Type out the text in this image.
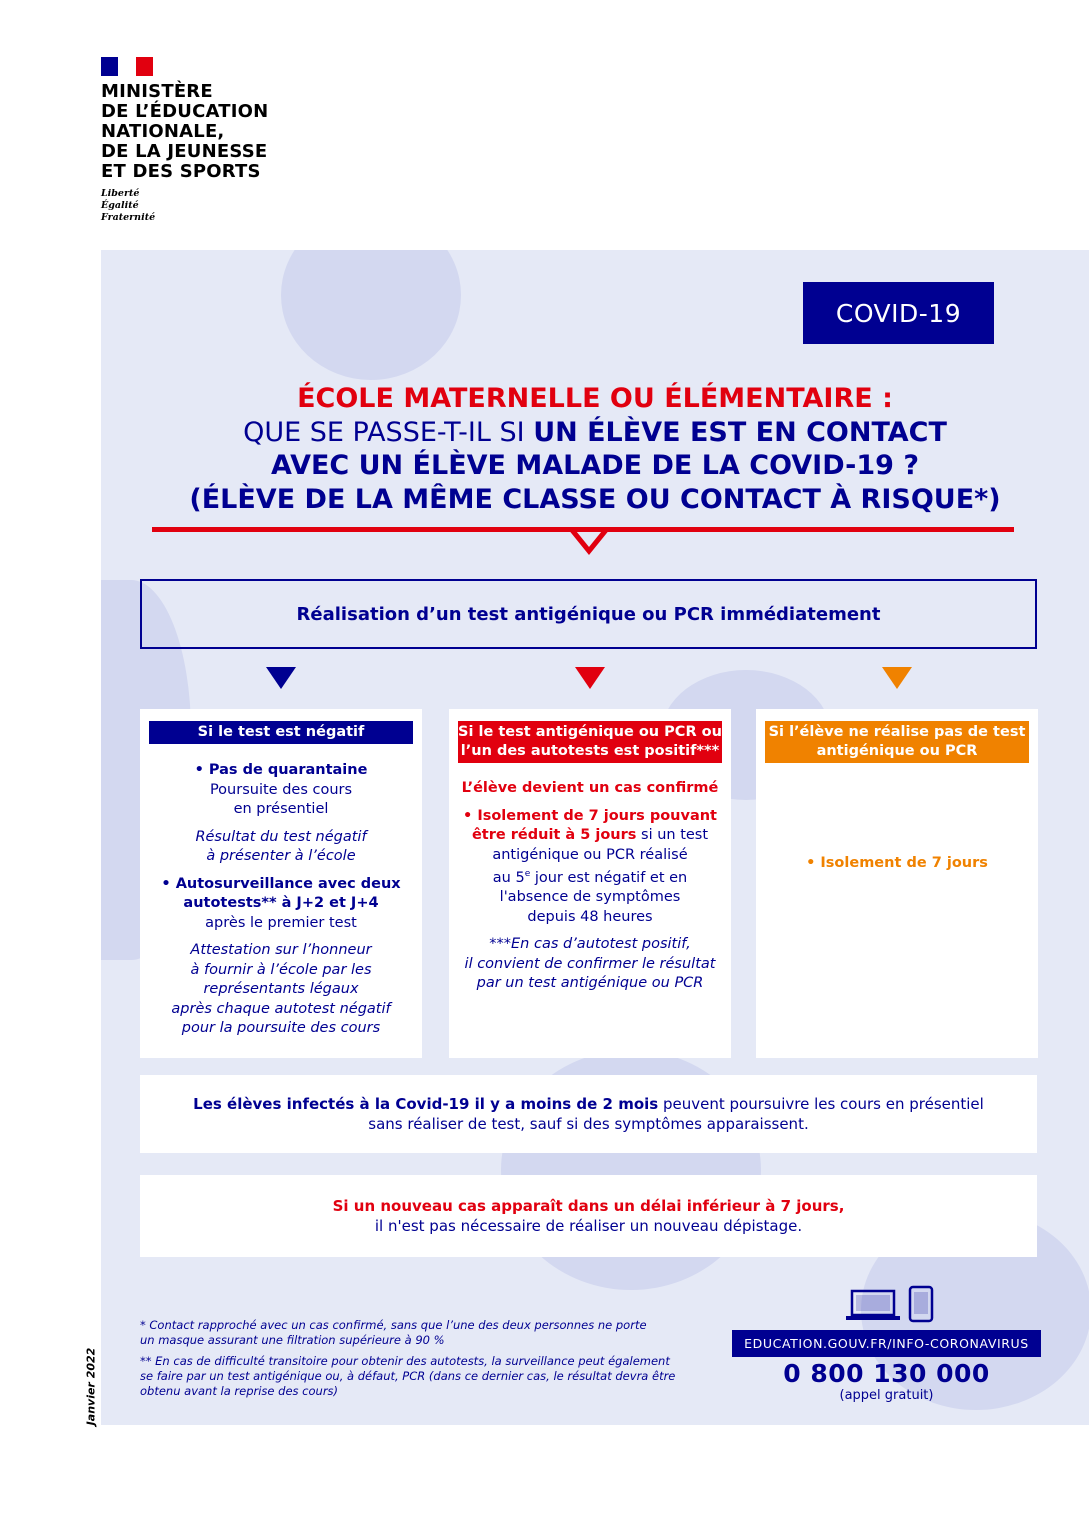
MINISTÈRE
DE L’ÉDUCATION
NATIONALE,
DE LA JEUNESSE
ET DES SPORTS
Liberté
Égalité
Fraternité
COVID-19
ÉCOLE MATERNELLE OU ÉLÉMENTAIRE :
QUE SE PASSE-T-IL SI UN ÉLÈVE EST EN CONTACT
AVEC UN ÉLÈVE MALADE DE LA COVID-19 ?
(ÉLÈVE DE LA MÊME CLASSE OU CONTACT À RISQUE*)
Réalisation d’un test antigénique ou PCR immédiatement
Si le test est négatif

• Pas de quarantaine

Poursuite des cours

en présentiel

Résultat du test négatif

à présenter à l’école

• Autosurveillance avec deux

autotests** à J+2 et J+4

après le premier test

Attestation sur l’honneur

à fournir à l’école par les

représentants légaux

après chaque autotest négatif

pour la poursuite des cours

Si le test antigénique ou PCR ou
l’un des autotests est positif***

L’élève devient un cas confirmé

• Isolement de 7 jours pouvant

être réduit à 5 jours si un test

antigénique ou PCR réalisé

au 5e jour est négatif et en

l'absence de symptômes

depuis 48 heures

***En cas d’autotest positif,

il convient de confirmer le résultat

par un test antigénique ou PCR

Si l’élève ne réalise pas de test
antigénique ou PCR

• Isolement de 7 jours

Les élèves infectés à la Covid-19 il y a moins de 2 mois peuvent poursuivre les cours en présentiel
sans réaliser de test, sauf si des symptômes apparaissent.
Si un nouveau cas apparaît dans un délai inférieur à 7 jours,
il n'est pas nécessaire de réaliser un nouveau dépistage.

* Contact rapproché avec un cas confirmé, sans que l’une des deux personnes ne porte
un masque assurant une filtration supérieure à 90 %

** En cas de difficulté transitoire pour obtenir des autotests, la surveillance peut également
se faire par un test antigénique ou, à défaut, PCR (dans ce dernier cas, le résultat devra être
obtenu avant la reprise des cours)

Janvier 2022
EDUCATION.GOUV.FR/INFO-CORONAVIRUS
0 800 130 000
(appel gratuit)
